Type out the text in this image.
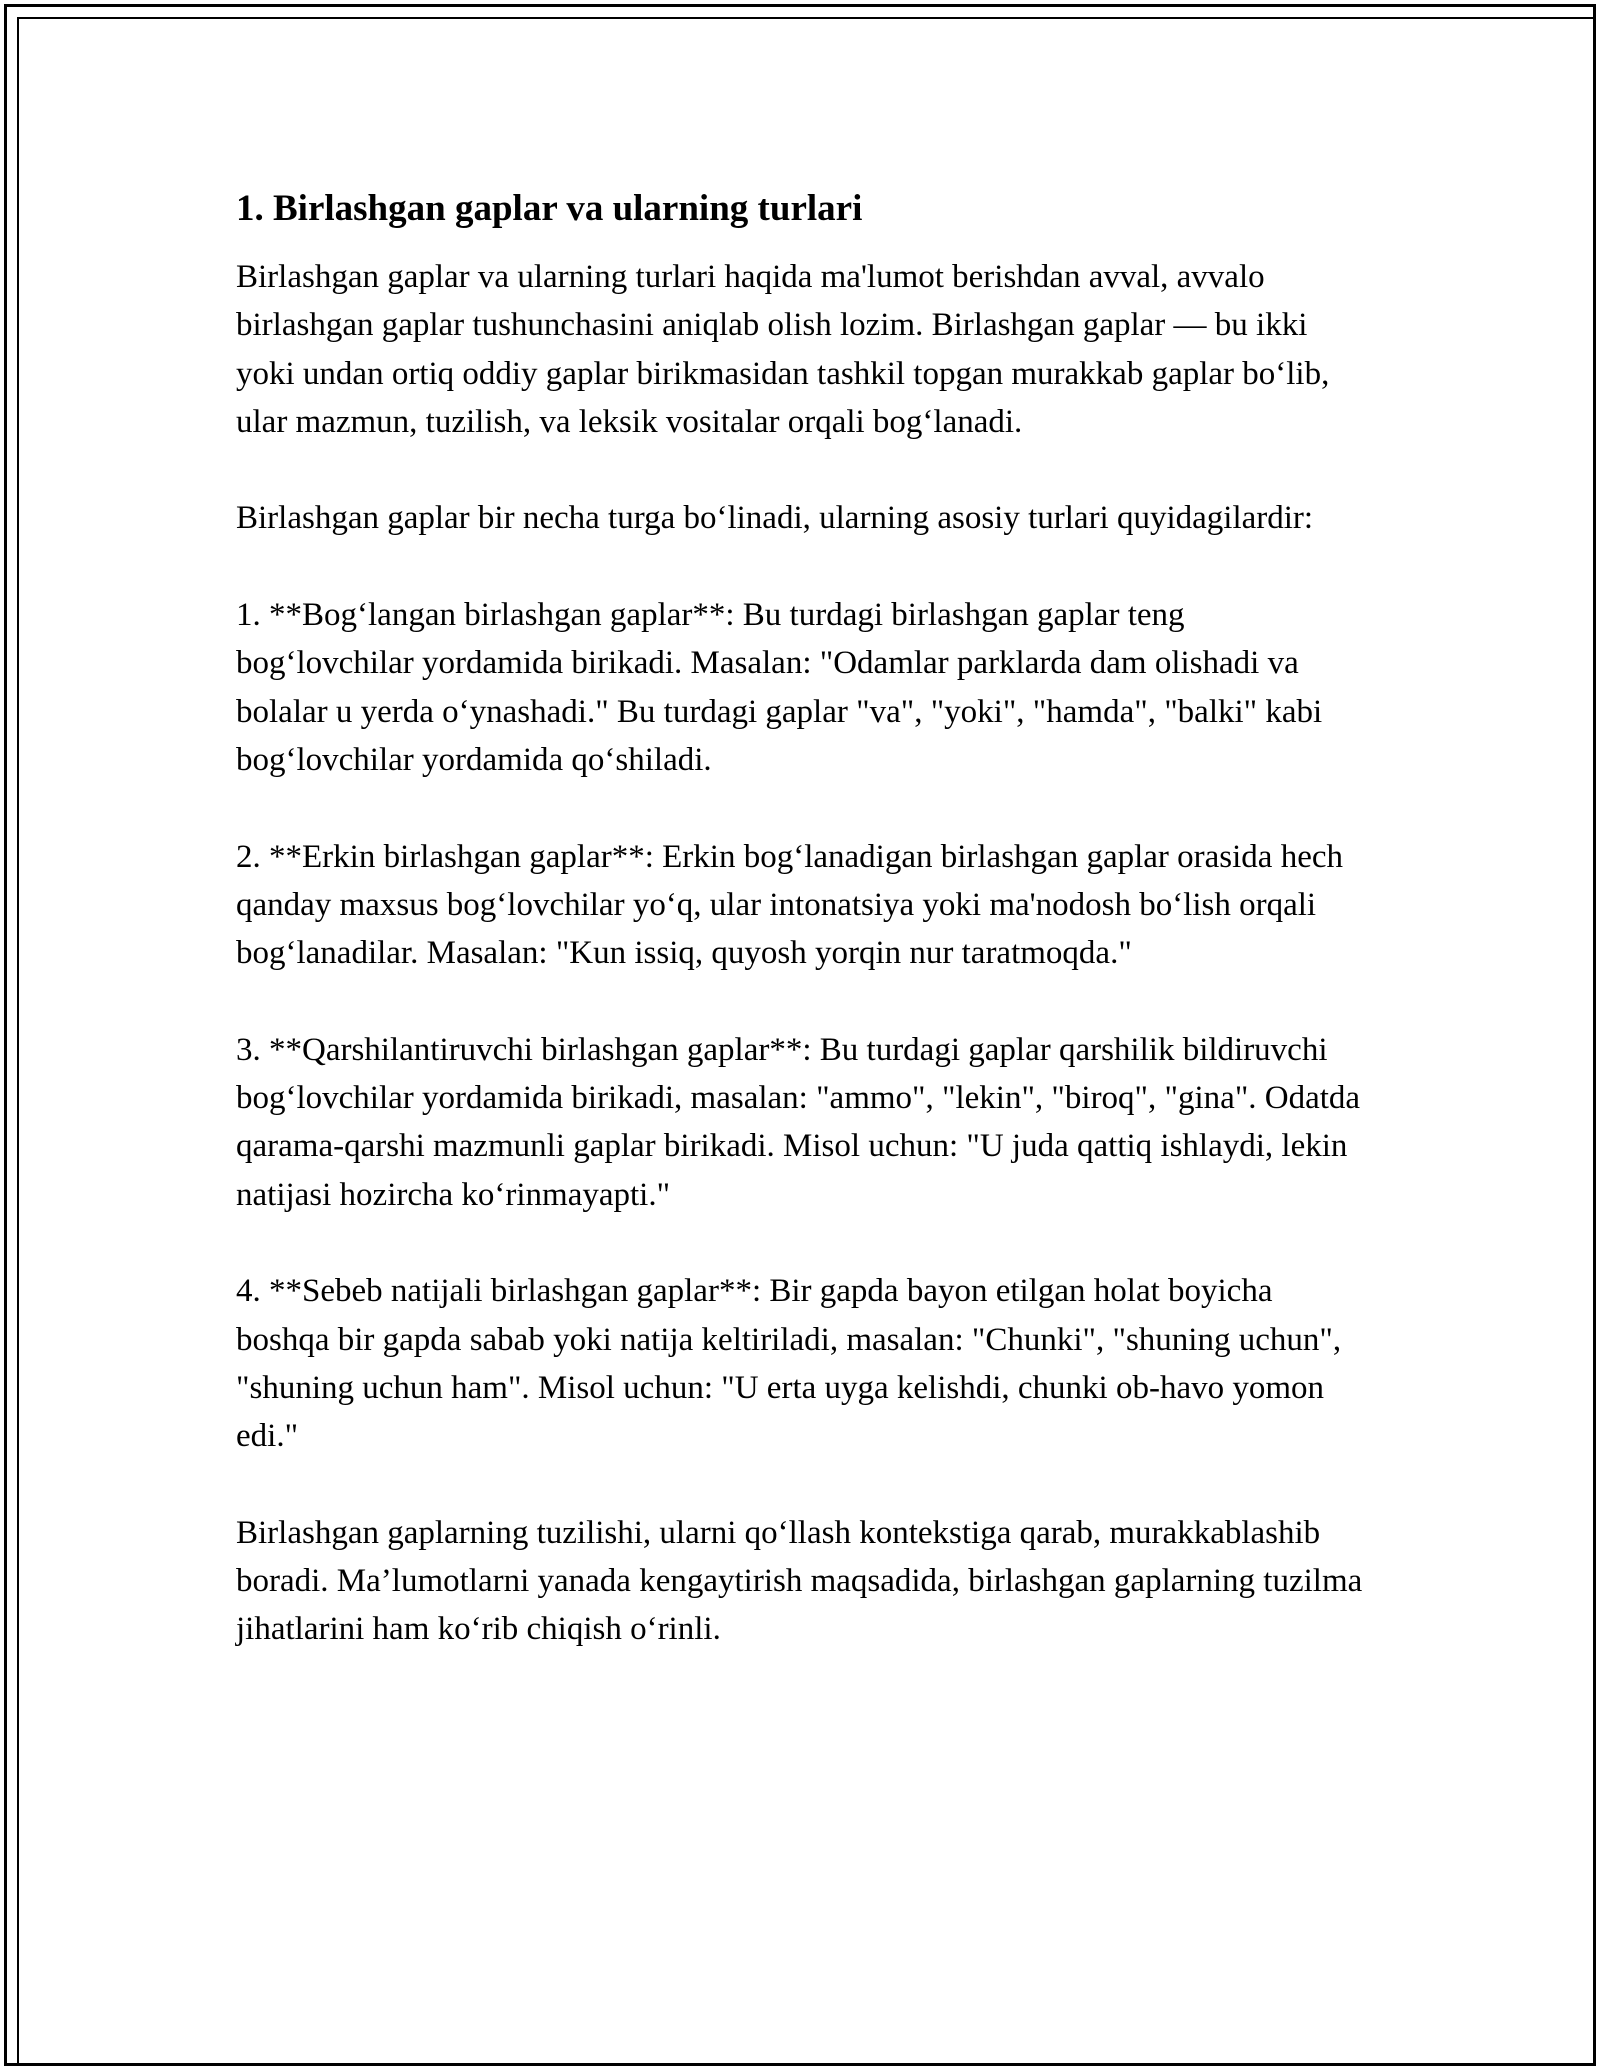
1. Birlashgan gaplar va ularning turlari

Birlashgan gaplar va ularning turlari haqida ma'lumot berishdan avval, avvalo birlashgan gaplar tushunchasini aniqlab olish lozim. Birlashgan gaplar — bu ikki yoki undan ortiq oddiy gaplar birikmasidan tashkil topgan murakkab gaplar bo‘lib, ular mazmun, tuzilish, va leksik vositalar orqali bog‘lanadi.

Birlashgan gaplar bir necha turga bo‘linadi, ularning asosiy turlari quyidagilardir:

1. **Bog‘langan birlashgan gaplar**: Bu turdagi birlashgan gaplar teng bog‘lovchilar yordamida birikadi. Masalan: "Odamlar parklarda dam olishadi va bolalar u yerda o‘ynashadi." Bu turdagi gaplar "va", "yoki", "hamda", "balki" kabi bog‘lovchilar yordamida qo‘shiladi.

2. **Erkin birlashgan gaplar**: Erkin bog‘lanadigan birlashgan gaplar orasida hech qanday maxsus bog‘lovchilar yo‘q, ular intonatsiya yoki ma'nodosh bo‘lish orqali bog‘lanadilar. Masalan: "Kun issiq, quyosh yorqin nur taratmoqda."

3. **Qarshilantiruvchi birlashgan gaplar**: Bu turdagi gaplar qarshilik bildiruvchi bog‘lovchilar yordamida birikadi, masalan: "ammo", "lekin", "biroq", "gina". Odatda qarama-qarshi mazmunli gaplar birikadi. Misol uchun: "U juda qattiq ishlaydi, lekin natijasi hozircha ko‘rinmayapti."

4. **Sebeb natijali birlashgan gaplar**: Bir gapda bayon etilgan holat boyicha boshqa bir gapda sabab yoki natija keltiriladi, masalan: "Chunki", "shuning uchun", "shuning uchun ham". Misol uchun: "U erta uyga kelishdi, chunki ob-havo yomon edi."

Birlashgan gaplarning tuzilishi, ularni qo‘llash kontekstiga qarab, murakkablashib boradi. Ma’lumotlarni yanada kengaytirish maqsadida, birlashgan gaplarning tuzilma jihatlarini ham ko‘rib chiqish o‘rinli.
